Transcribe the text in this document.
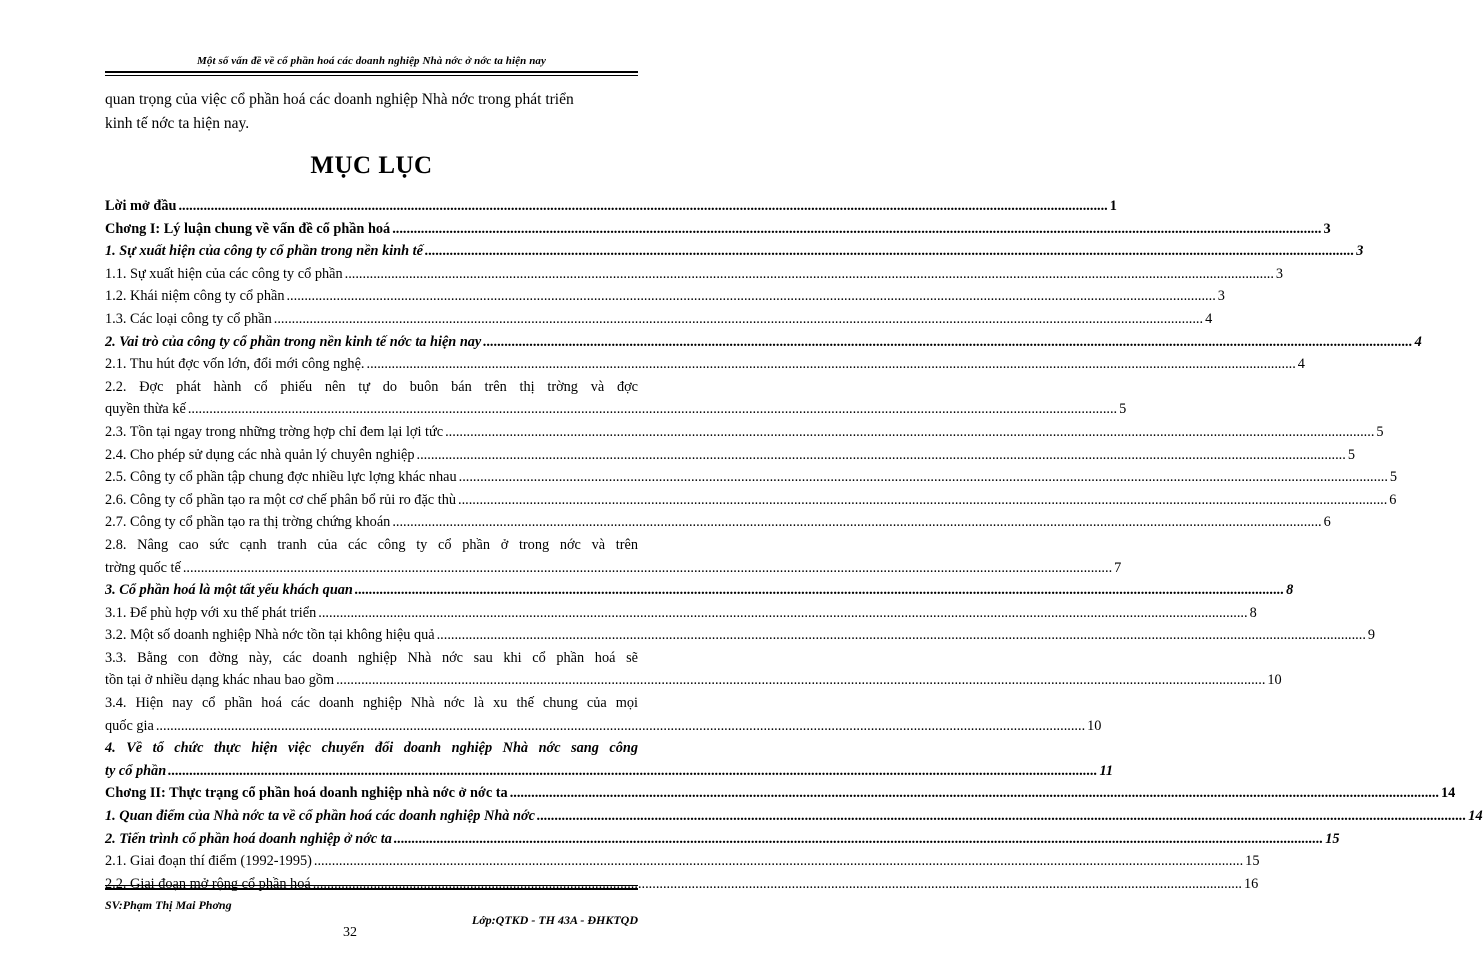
Một số vấn đề về cổ phần hoá các doanh nghiệp Nhà nớc ở nớc ta hiện nay
quan trọng của việc cổ phần hoá các doanh nghiệp Nhà nớc trong phát triển
kinh tế nớc ta hiện nay.
MỤC LỤC
Lời mở đầu .................................................................................................................................................................................................................................................................... 1
Chơng I: Lý luận chung về vấn đề cổ phần hoá .................................................................................................................................................................................................................................................................... 3
1. Sự xuất hiện của công ty cổ phần trong nền kinh tế .................................................................................................................................................................................................................................................................... 3
1.1. Sự xuất hiện của các công ty cổ phần .................................................................................................................................................................................................................................................................... 3
1.2. Khái niệm công ty cổ phần .................................................................................................................................................................................................................................................................... 3
1.3. Các loại công ty cổ phần .................................................................................................................................................................................................................................................................... 4
2. Vai trò của công ty cổ phần trong nền kinh tế nớc ta hiện nay .................................................................................................................................................................................................................................................................... 4
2.1. Thu hút đợc vốn lớn, đổi mới công nghệ. .................................................................................................................................................................................................................................................................... 4
2.2. Đợc phát hành cổ phiếu nên tự do buôn bán trên thị trờng và đợc
quyền thừa kế .................................................................................................................................................................................................................................................................... 5
2.3. Tồn tại ngay trong những trờng hợp chỉ đem lại lợi tức .................................................................................................................................................................................................................................................................... 5
2.4. Cho phép sử dụng các nhà quản lý chuyên nghiệp .................................................................................................................................................................................................................................................................... 5
2.5. Công ty cổ phần tập chung đợc nhiều lực lợng khác nhau .................................................................................................................................................................................................................................................................... 5
2.6. Công ty cổ phần tạo ra một cơ chế phân bổ rủi ro đặc thù .................................................................................................................................................................................................................................................................... 6
2.7. Công ty cổ phần tạo ra thị trờng chứng khoán .................................................................................................................................................................................................................................................................... 6
2.8. Nâng cao sức cạnh tranh của các công ty cổ phần ở trong nớc và trên
trờng quốc tế .................................................................................................................................................................................................................................................................... 7
3. Cổ phần hoá là một tất yếu khách quan .................................................................................................................................................................................................................................................................... 8
3.1. Để phù hợp với xu thế phát triển .................................................................................................................................................................................................................................................................... 8
3.2. Một số doanh nghiệp Nhà nớc tồn tại không hiệu quả .................................................................................................................................................................................................................................................................... 9
3.3. Bằng con đờng này, các doanh nghiệp Nhà nớc sau khi cổ phần hoá sẽ
tồn tại ở nhiều dạng khác nhau bao gồm .................................................................................................................................................................................................................................................................... 10
3.4. Hiện nay cổ phần hoá các doanh nghiệp Nhà nớc là xu thế chung của mọi
quốc gia .................................................................................................................................................................................................................................................................... 10
4. Về tổ chức thực hiện việc chuyển đổi doanh nghiệp Nhà nớc sang công
ty cổ phần .................................................................................................................................................................................................................................................................... 11
Chơng II: Thực trạng cổ phần hoá doanh nghiệp nhà nớc ở nớc ta .................................................................................................................................................................................................................................................................... 14
1. Quan điểm của Nhà nớc ta về cổ phần hoá các doanh nghiệp Nhà nớc .................................................................................................................................................................................................................................................................... 14
2. Tiến trình cổ phần hoá doanh nghiệp ở nớc ta .................................................................................................................................................................................................................................................................... 15
2.1. Giai đoạn thí điểm (1992-1995) .................................................................................................................................................................................................................................................................... 15
2.2. Giai đoạn mở rộng cổ phần hoá .................................................................................................................................................................................................................................................................... 16
SV:Phạm Thị Mai Phơng
Lớp:QTKD - TH 43A - ĐHKTQD
32
